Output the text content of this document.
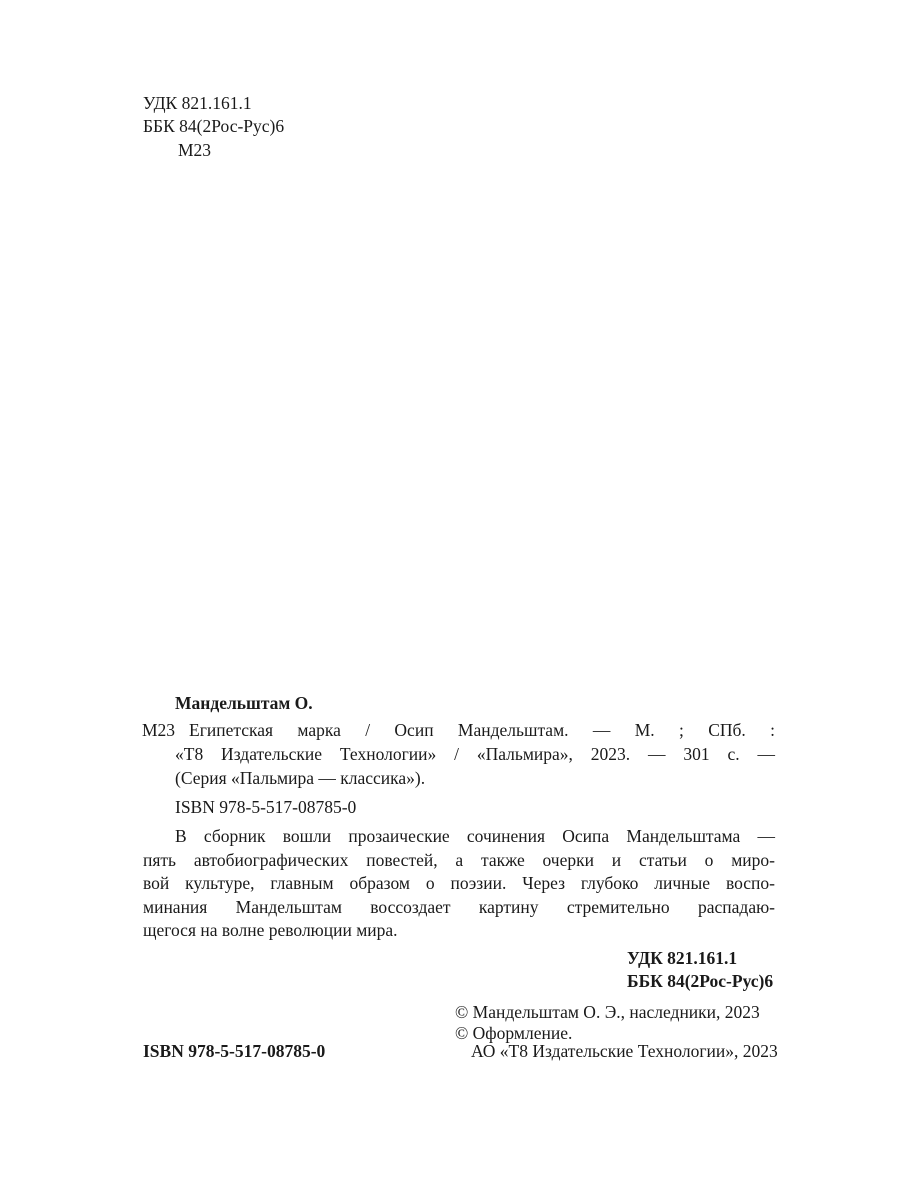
УДК 821.161.1
ББК 84(2Рос-Рус)6
М23
Мандельштам О.
М23 Египетская марка / Осип Мандельштам. — М. ; СПб. :
«Т8 Издательские Технологии» / «Пальмира», 2023. — 301 с. —
(Серия «Пальмира — классика»).
ISBN 978-5-517-08785-0
В сборник вошли прозаические сочинения Осипа Мандельштама —
пять автобиографических повестей, а также очерки и статьи о миро-
вой культуре, главным образом о поэзии. Через глубоко личные воспо-
минания Мандельштам воссоздает картину стремительно распадаю-
щегося на волне революции мира.
УДК 821.161.1
ББК 84(2Рос-Рус)6
© Мандельштам О. Э., наследники, 2023
© Оформление.
АО «Т8 Издательские Технологии», 2023
ISBN 978-5-517-08785-0
